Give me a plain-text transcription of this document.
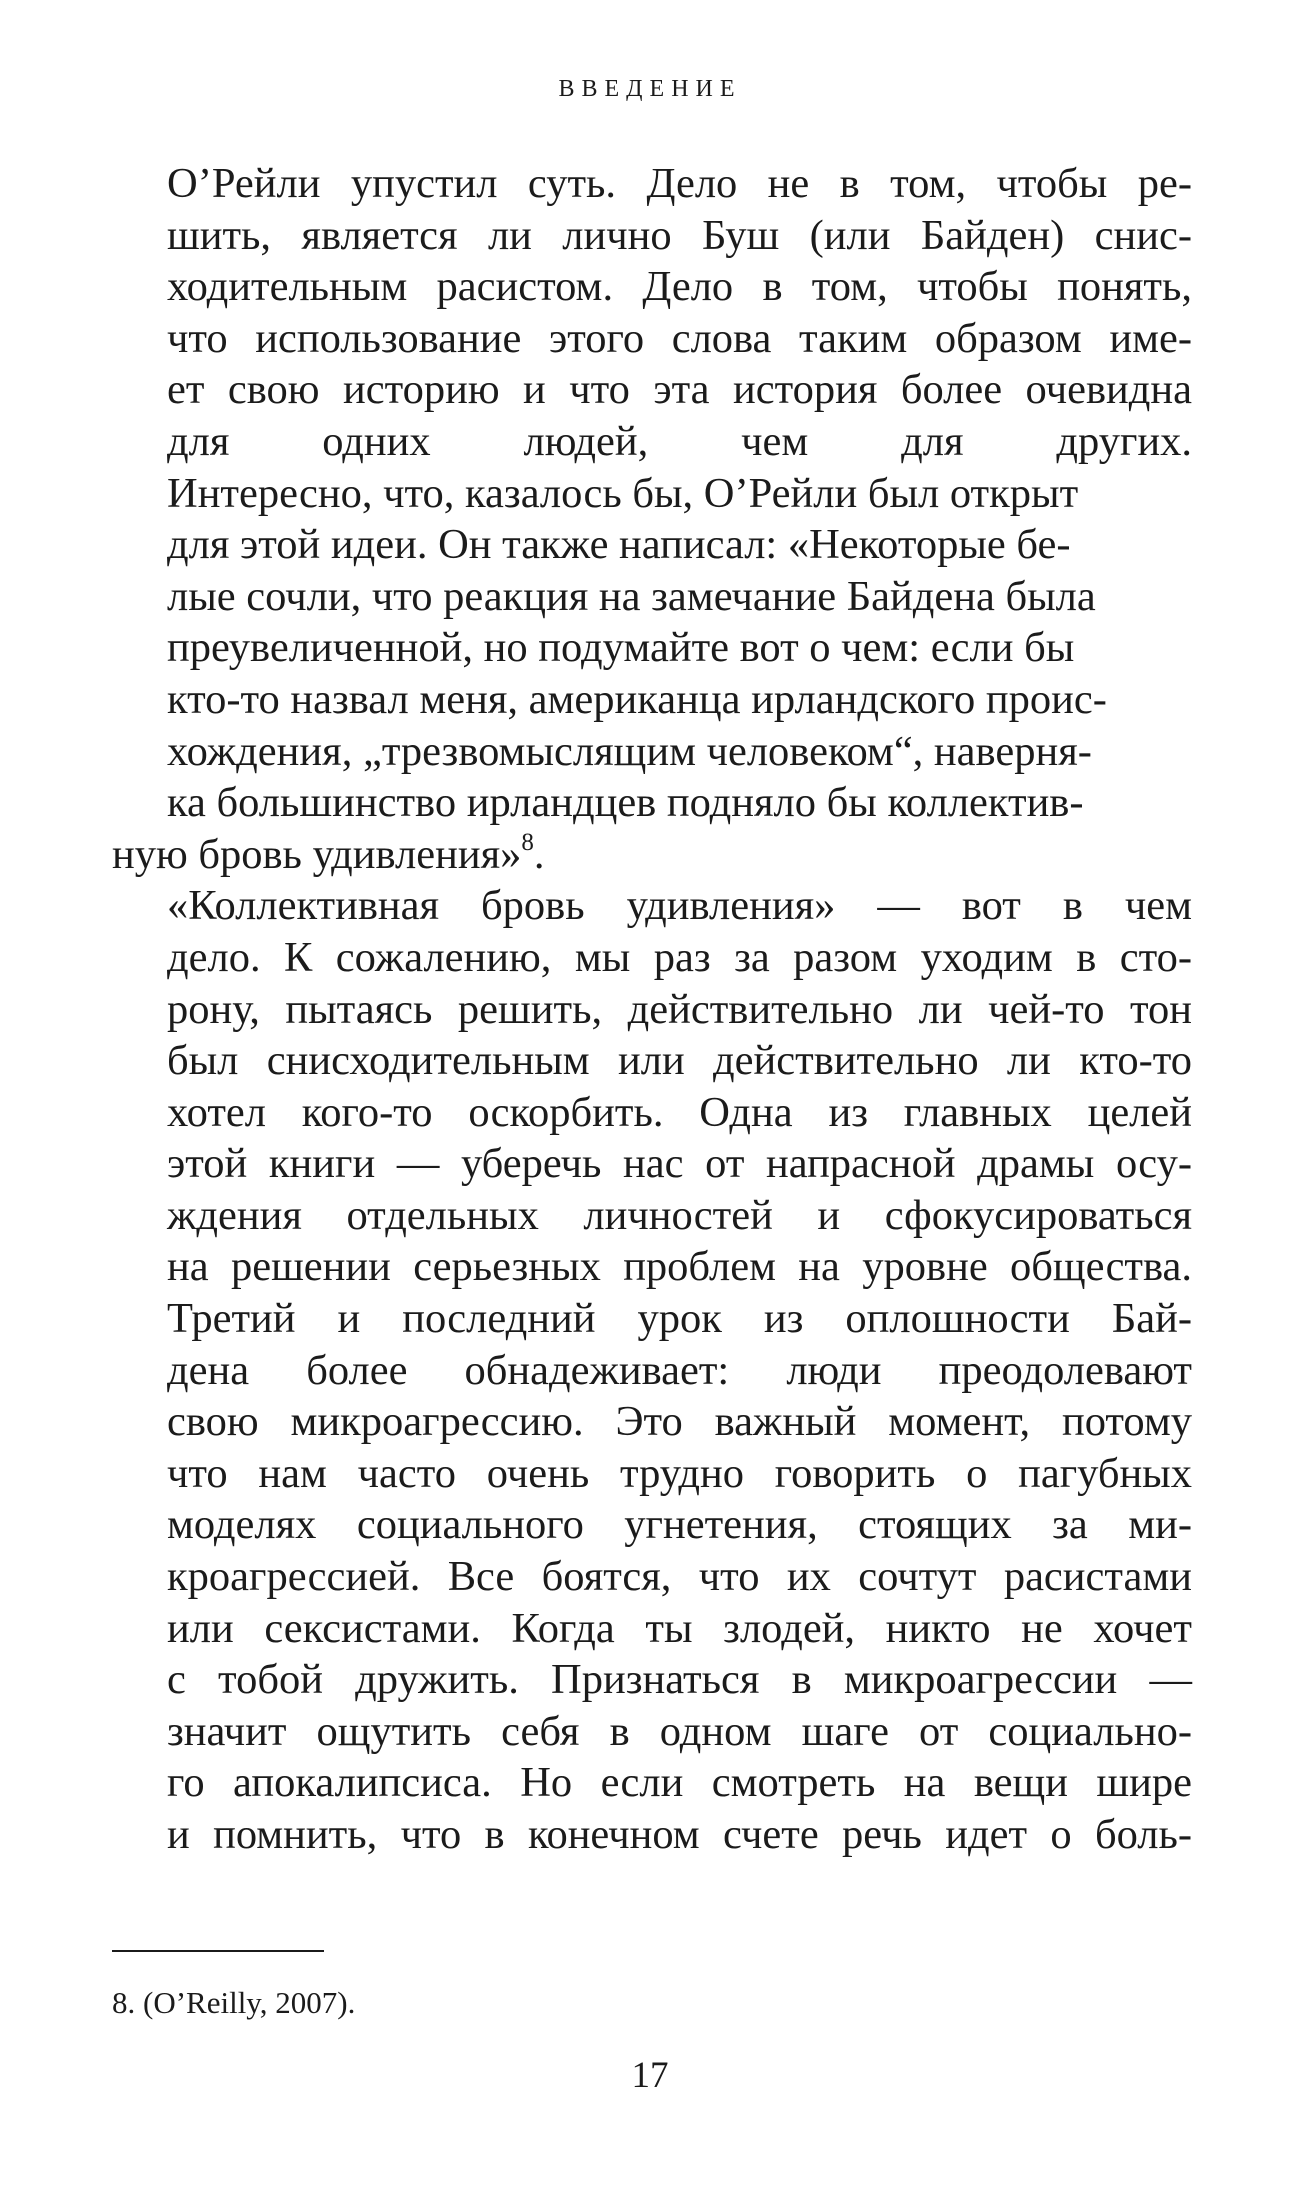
ВВЕДЕНИЕ

О’Рейли упустил суть. Дело не в том, чтобы ре-
шить, является ли лично Буш (или Байден) снис-
ходительным расистом. Дело в том, чтобы понять,
что использование этого слова таким образом име-
ет свою историю и что эта история более очевидна
для одних людей, чем для других.

Интересно, что, казалось бы, О’Рейли был открыт
для этой идеи. Он также написал: «Некоторые бе-
лые сочли, что реакция на замечание Байдена была
преувеличенной, но подумайте вот о чем: если бы
кто-то назвал меня, американца ирландского проис-
хождения, „трезвомыслящим человеком“, наверня-
ка большинство ирландцев подняло бы коллектив-
ную бровь удивления»$^8$.

«Коллективная бровь удивления» — вот в чем
дело. К сожалению, мы раз за разом уходим в сто-
рону, пытаясь решить, действительно ли чей-то тон
был снисходительным или действительно ли кто-то
хотел кого-то оскорбить. Одна из главных целей
этой книги — уберечь нас от напрасной драмы осу-
ждения отдельных личностей и сфокусироваться
на решении серьезных проблем на уровне общества.

Третий и последний урок из оплошности Бай-
дена более обнадеживает: люди преодолевают
свою микроагрессию. Это важный момент, потому
что нам часто очень трудно говорить о пагубных
моделях социального угнетения, стоящих за ми-
кроагрессией. Все боятся, что их сочтут расистами
или сексистами. Когда ты злодей, никто не хочет
с тобой дружить. Признаться в микроагрессии —
значит ощутить себя в одном шаге от социально-
го апокалипсиса. Но если смотреть на вещи шире
и помнить, что в конечном счете речь идет о боль-

8. (O’Reilly, 2007).

17
